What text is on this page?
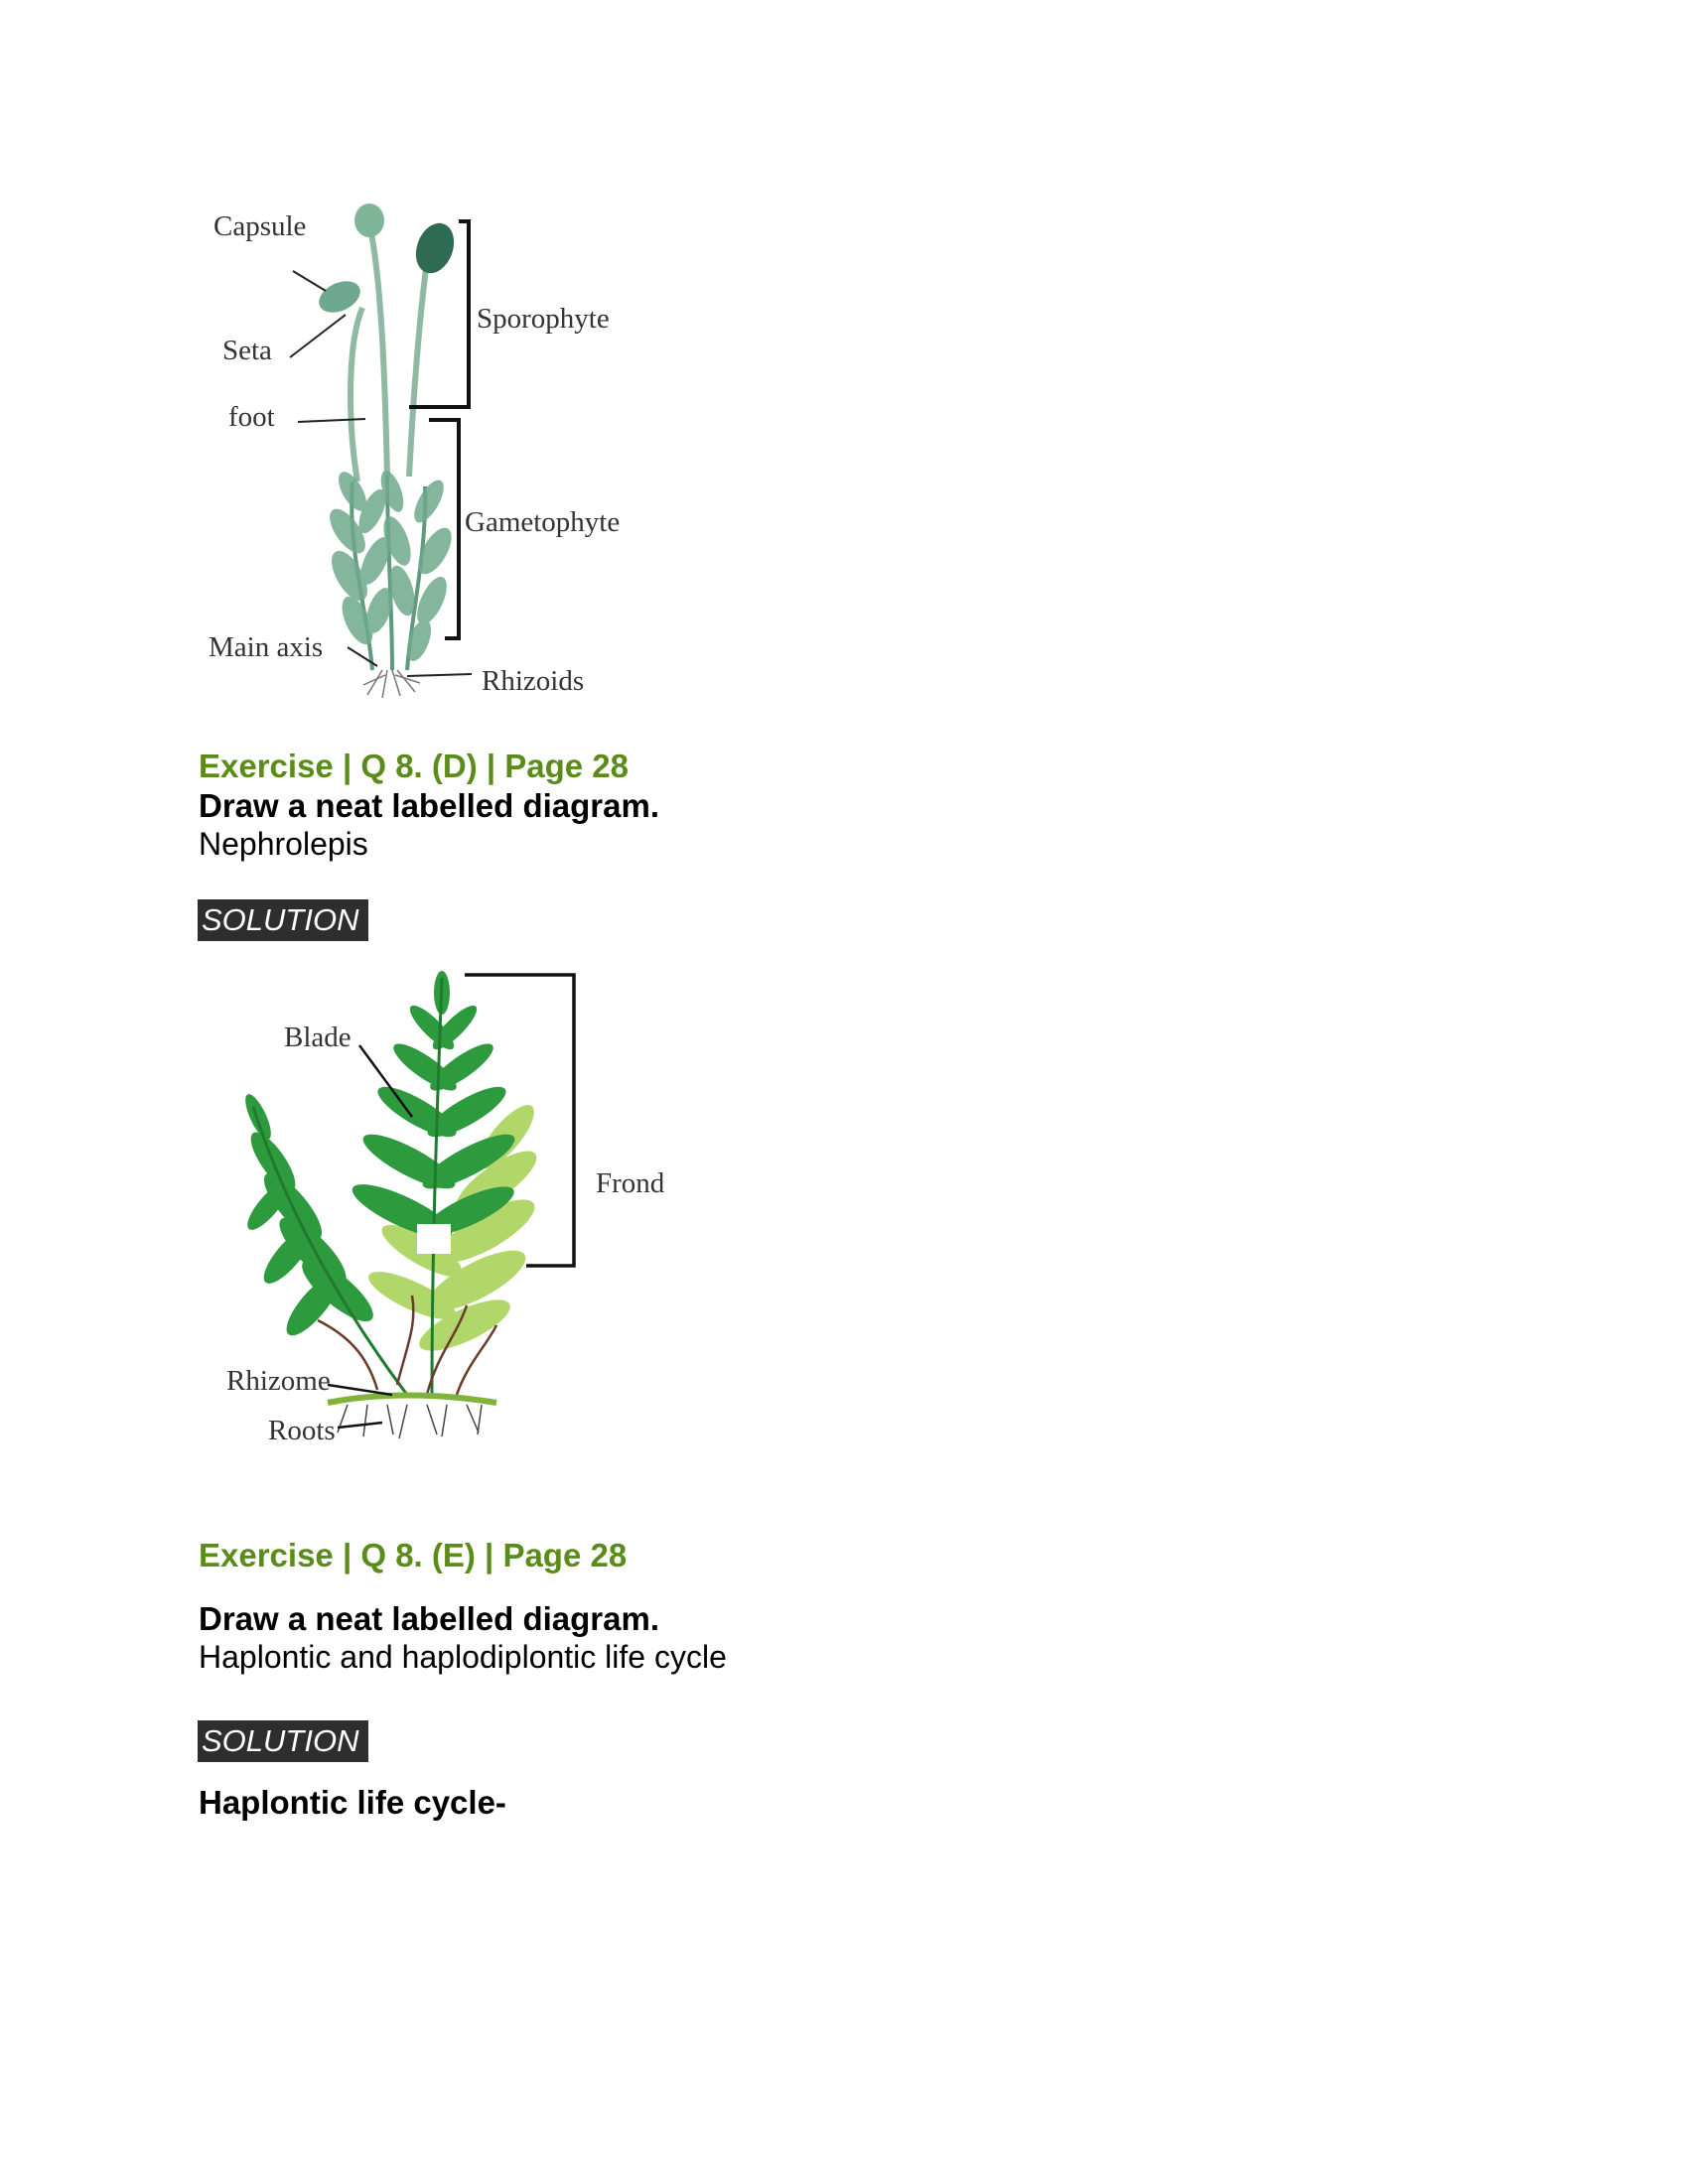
Capsule
Seta
foot
Main axis
Sporophyte
Gametophyte
Rhizoids
Exercise | Q 8. (D) | Page 28
Draw a neat labelled diagram.
Nephrolepis
SOLUTION
Blade
Frond
Rhizome
Roots
Exercise | Q 8. (E) | Page 28
Draw a neat labelled diagram.
Haplontic and haplodiplontic life cycle
SOLUTION
Haplontic life cycle-
